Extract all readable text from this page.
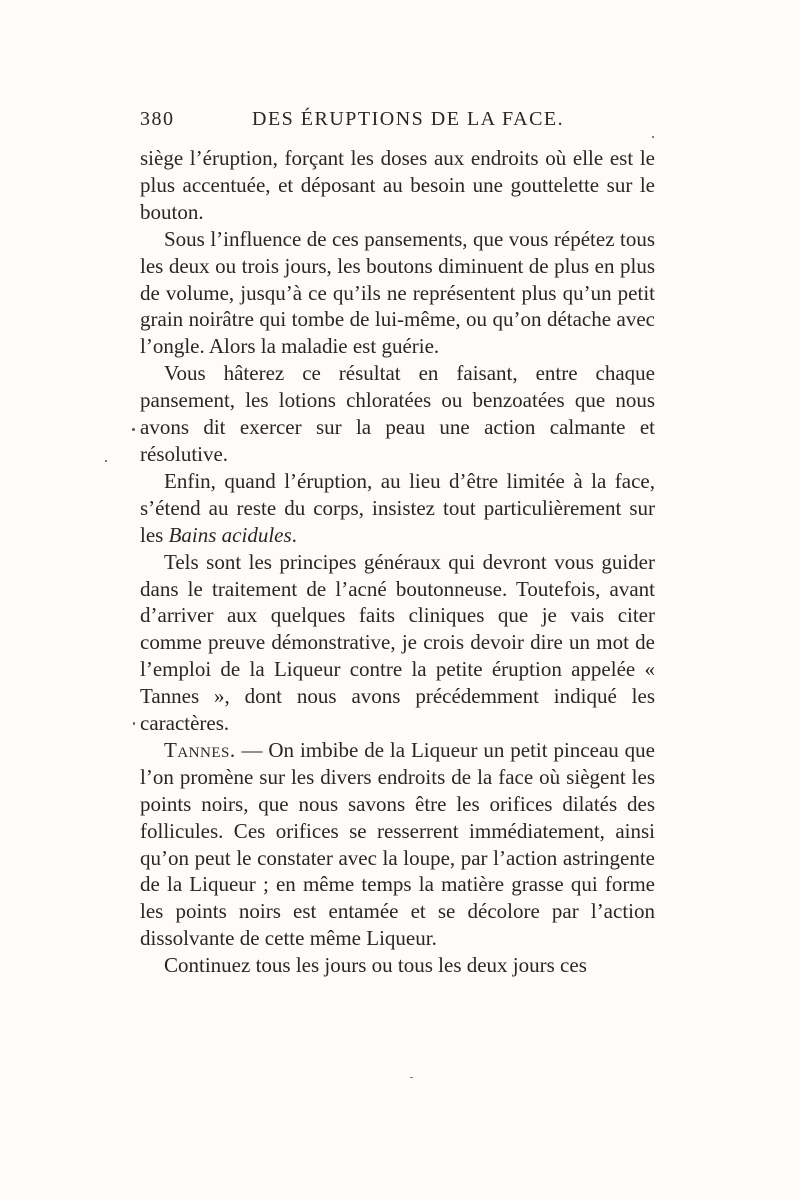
380	DES ÉRUPTIONS DE LA FACE.

siège l’éruption, forçant les doses aux endroits où elle est le plus accentuée, et déposant au besoin une gouttelette sur le bouton.

Sous l’influence de ces pansements, que vous répétez tous les deux ou trois jours, les boutons diminuent de plus en plus de volume, jusqu’à ce qu’ils ne représentent plus qu’un petit grain noirâtre qui tombe de lui-même, ou qu’on détache avec l’ongle. Alors la maladie est guérie.

Vous hâterez ce résultat en faisant, entre chaque pansement, les lotions chloratées ou benzoatées que nous avons dit exercer sur la peau une action calmante et résolutive.

Enfin, quand l’éruption, au lieu d’être limitée à la face, s’étend au reste du corps, insistez tout particulièrement sur les Bains acidules.

Tels sont les principes généraux qui devront vous guider dans le traitement de l’acné boutonneuse. Toutefois, avant d’arriver aux quelques faits cliniques que je vais citer comme preuve démonstrative, je crois devoir dire un mot de l’emploi de la Liqueur contre la petite éruption appelée « Tannes », dont nous avons précédemment indiqué les caractères.

Tannes. — On imbibe de la Liqueur un petit pinceau que l’on promène sur les divers endroits de la face où siègent les points noirs, que nous savons être les orifices dilatés des follicules. Ces orifices se resserrent immédiatement, ainsi qu’on peut le constater avec la loupe, par l’action astringente de la Liqueur ; en même temps la matière grasse qui forme les points noirs est entamée et se décolore par l’action dissolvante de cette même Liqueur.

Continuez tous les jours ou tous les deux jours ces
